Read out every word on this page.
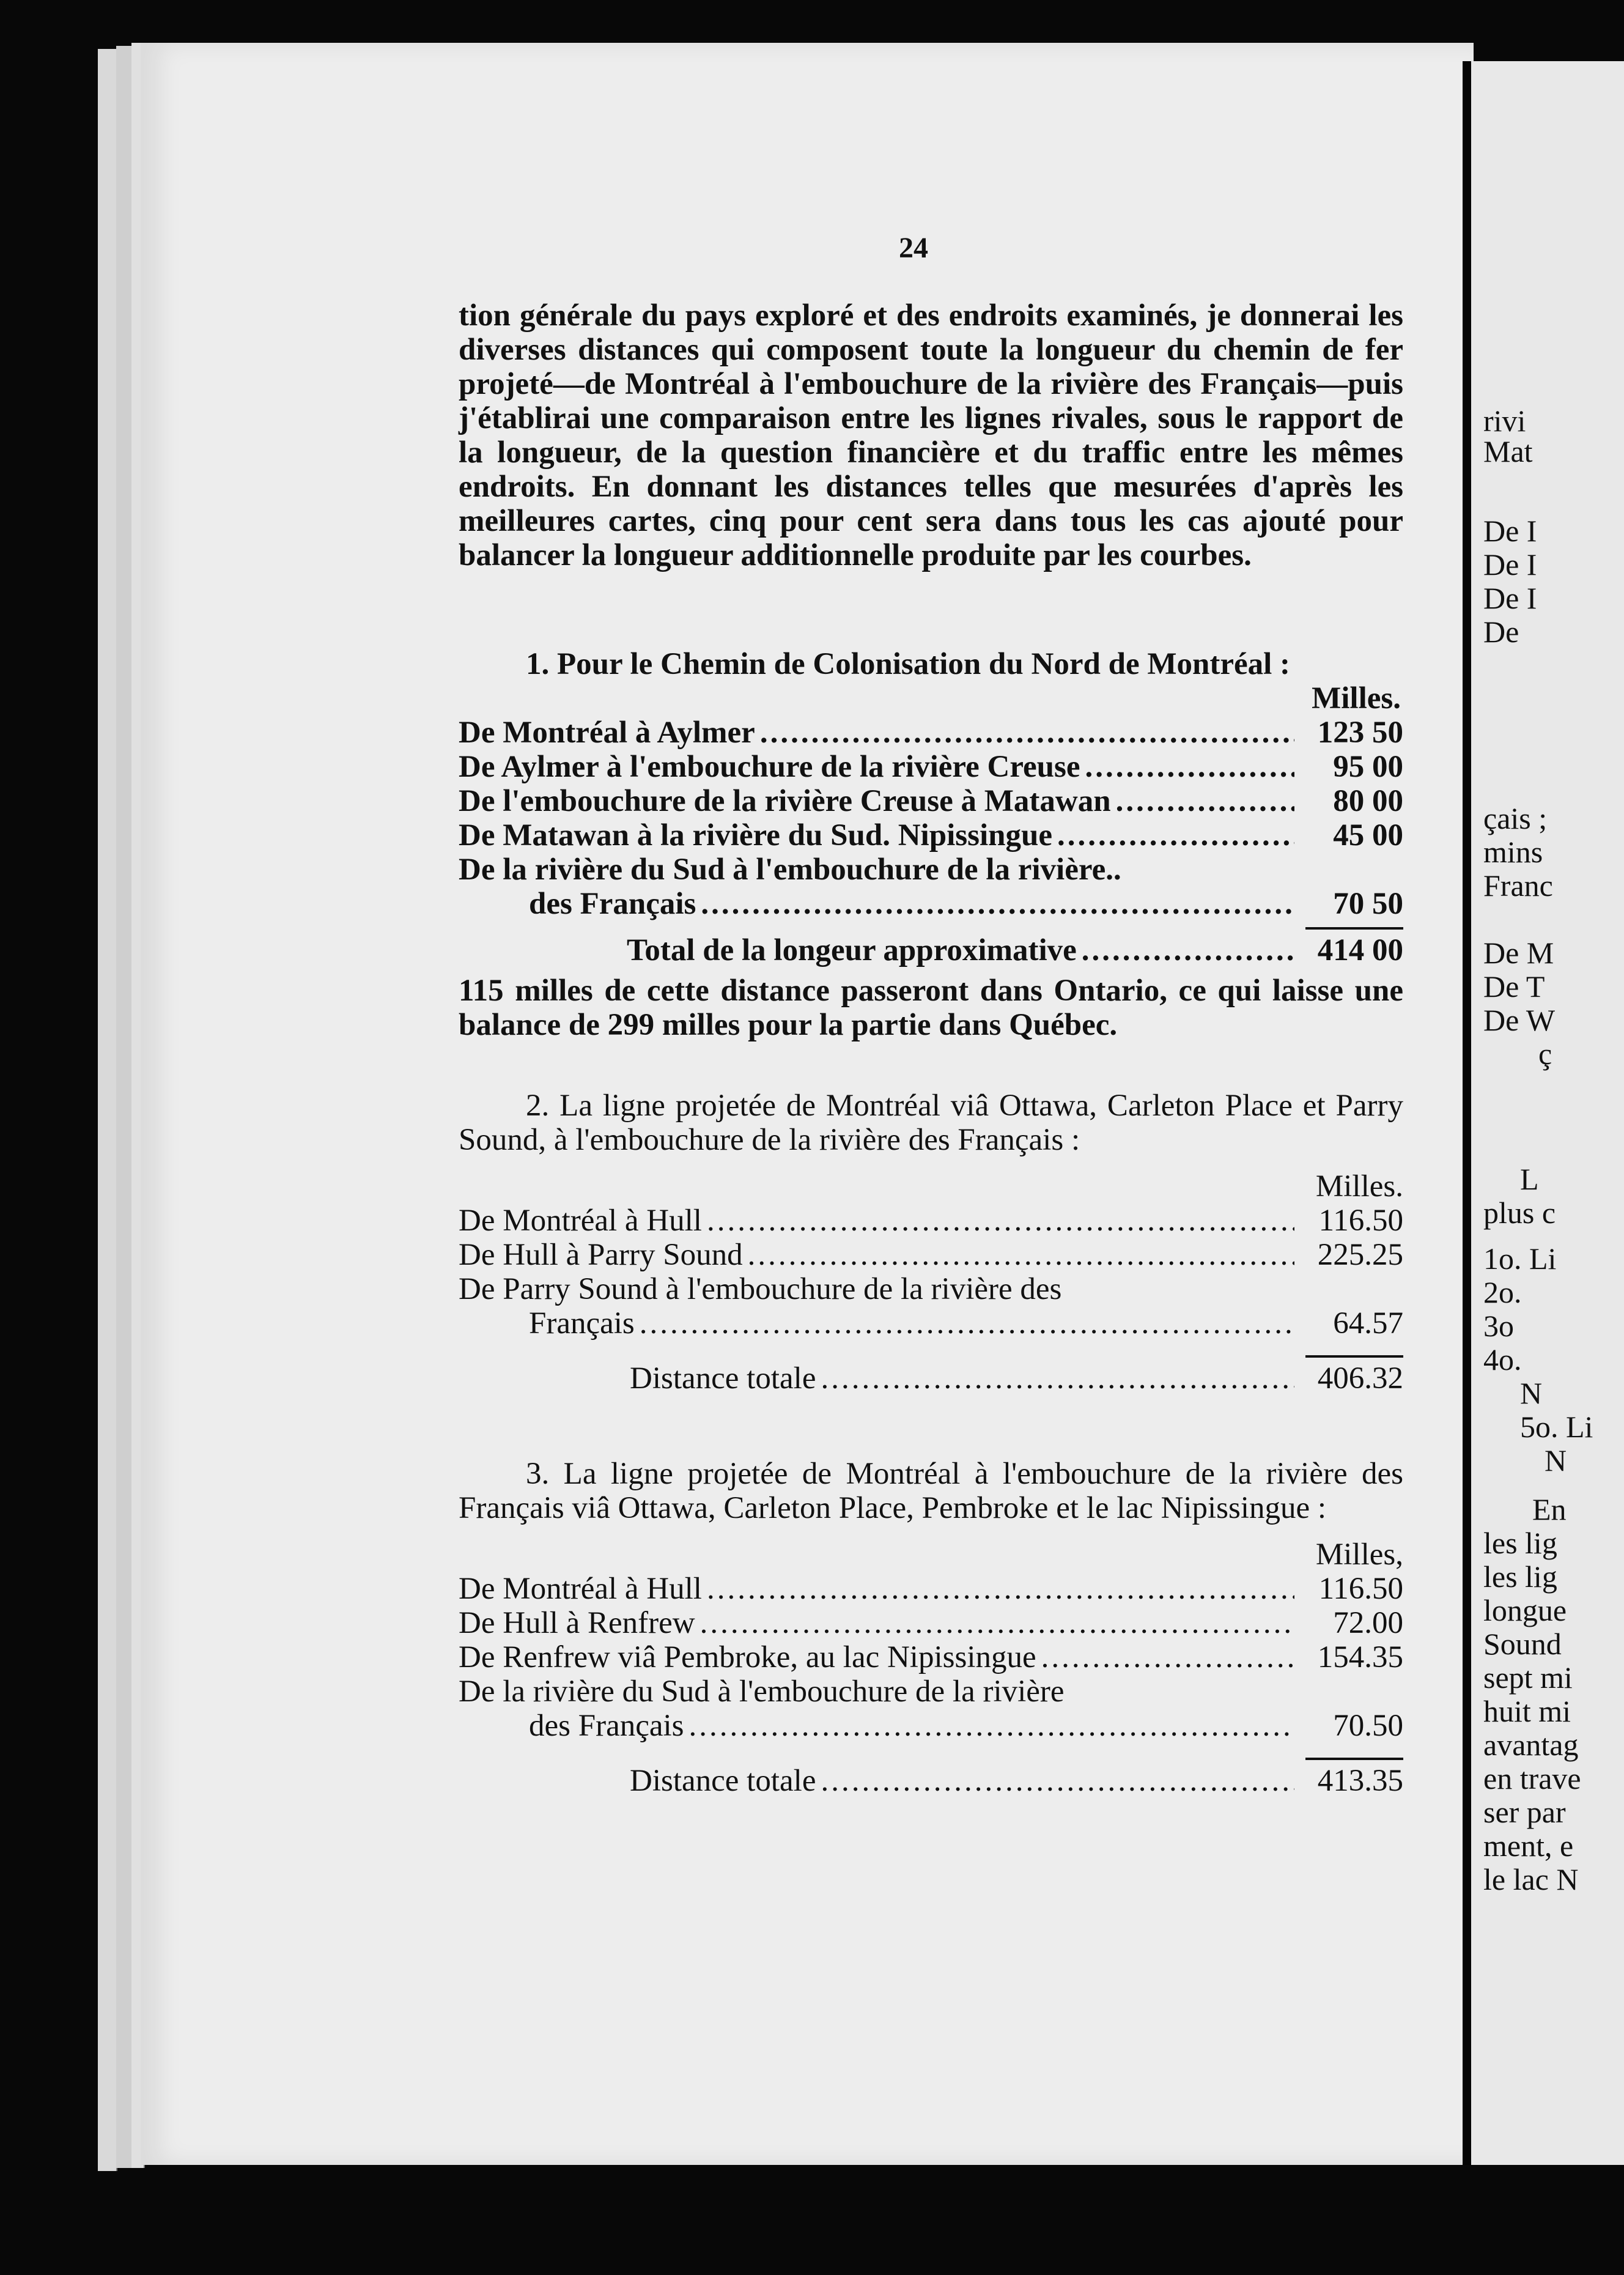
rivi
Mat
De I
De I
De I
De
çais ;
mins
Franc
De M
De T
De W
ç
L
plus c
1o. Li
2o.
3o
4o.
N
5o. Li
N
En
les lig
les lig
longue
Sound
sept mi
huit mi
avantag
en trave
ser par
ment, e
le lac N
24
tion générale du pays exploré et des endroits examinés, je donnerai les diverses distances qui composent toute la longueur du chemin de fer projeté—de Montréal à l'embouchure de la rivière des Français—puis j'établirai une comparaison entre les lignes rivales, sous le rapport de la longueur, de la question financière et du traffic entre les mêmes endroits. En donnant les distances telles que mesurées d'après les meilleures cartes, cinq pour cent sera dans tous les cas ajouté pour balancer la longueur additionnelle produite par les courbes.
1. Pour le Chemin de Colonisation du Nord de Montréal :
Milles.
De Montréal à Aylmer .....	123 50
De Aylmer à l'embouchure de la rivière Creuse .....	95 00
De l'embouchure de la rivière Creuse à Matawan .....	80 00
De Matawan à la rivière du Sud. Nipissingue .....	45 00
De la rivière du Sud à l'embouchure de la rivière..
des Français .....	70 50
Total de la longeur approximative .....	414 00
115 milles de cette distance passeront dans Ontario, ce qui laisse une balance de 299 milles pour la partie dans Québec.
2. La ligne projetée de Montréal viâ Ottawa, Carleton Place et Parry Sound, à l'embouchure de la rivière des Français :
Milles.
De Montréal à Hull .....	116.50
De Hull à Parry Sound .....	225.25
De Parry Sound à l'embouchure de la rivière des
Français .....	64.57
Distance totale .....	406.32
3. La ligne projetée de Montréal à l'embouchure de la rivière des Français viâ Ottawa, Carleton Place, Pembroke et le lac Nipissingue :
Milles,
De Montréal à Hull .....	116.50
De Hull à Renfrew .....	72.00
De Renfrew viâ Pembroke, au lac Nipissingue .....	154.35
De la rivière du Sud à l'embouchure de la rivière
des Français .....	70.50
Distance totale .....	413.35
